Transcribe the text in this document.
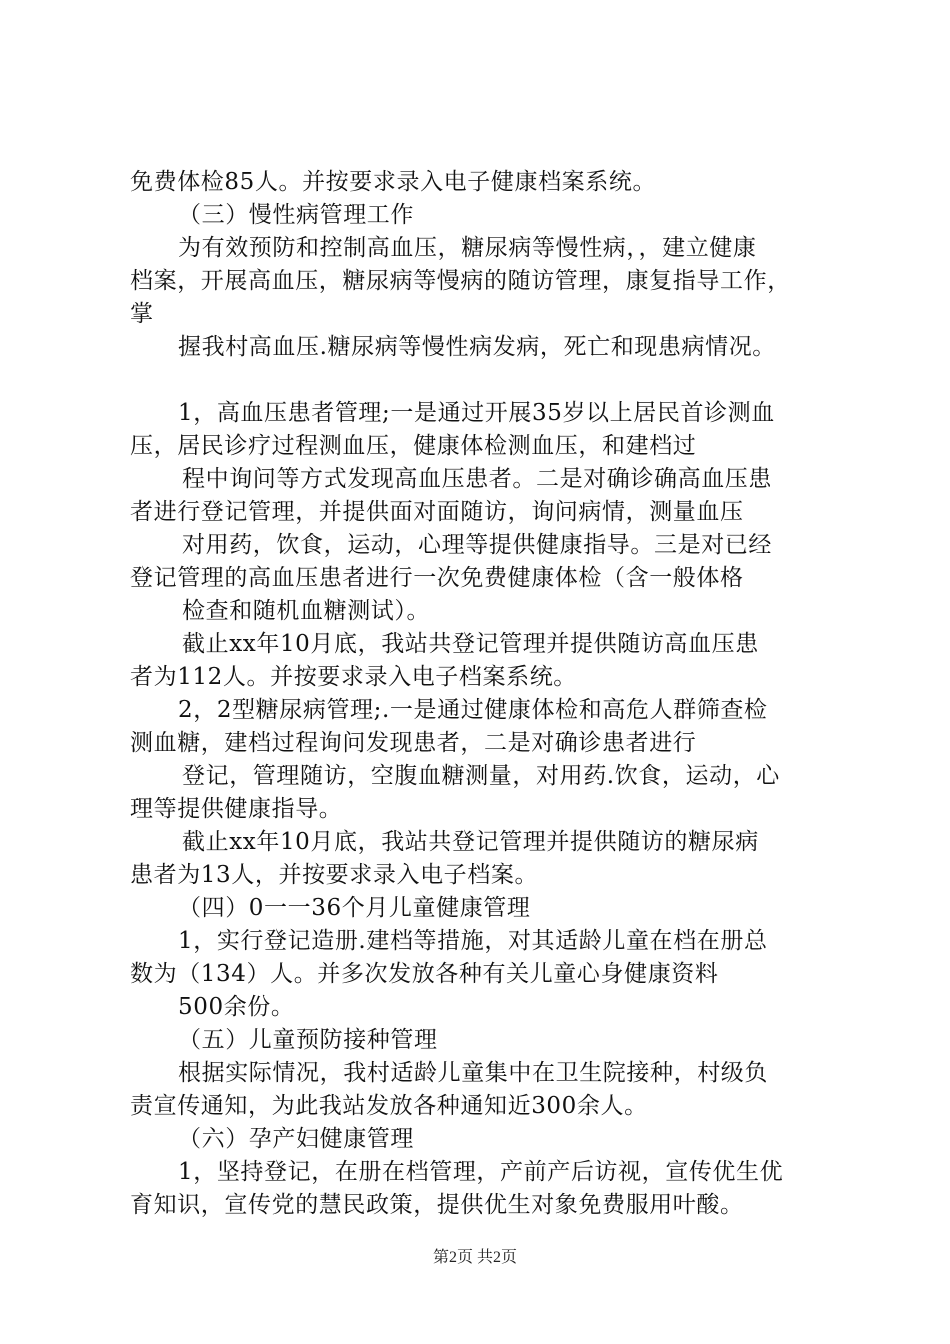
免费体检85人。并按要求录入电子健康档案系统。
（三）慢性病管理工作
为有效预防和控制高血压，糖尿病等慢性病，，建立健康
档案，开展高血压，糖尿病等慢病的随访管理，康复指导工作，
掌
握我村高血压.糖尿病等慢性病发病，死亡和现患病情况。
1，高血压患者管理;一是通过开展35岁以上居民首诊测血
压，居民诊疗过程测血压，健康体检测血压，和建档过
程中询问等方式发现高血压患者。二是对确诊确高血压患
者进行登记管理，并提供面对面随访，询问病情，测量血压
对用药，饮食，运动，心理等提供健康指导。三是对已经
登记管理的高血压患者进行一次免费健康体检（含一般体格
检查和随机血糖测试）。
截止xx年10月底，我站共登记管理并提供随访高血压患
者为112人。并按要求录入电子档案系统。
2，2型糖尿病管理;.一是通过健康体检和高危人群筛查检
测血糖，建档过程询问发现患者，二是对确诊患者进行
登记，管理随访，空腹血糖测量，对用药.饮食，运动，心
理等提供健康指导。
截止xx年10月底，我站共登记管理并提供随访的糖尿病
患者为13人，并按要求录入电子档案。
（四）0一一36个月儿童健康管理
1，实行登记造册.建档等措施，对其适龄儿童在档在册总
数为（134）人。并多次发放各种有关儿童心身健康资料
500余份。
（五）儿童预防接种管理
根据实际情况，我村适龄儿童集中在卫生院接种，村级负
责宣传通知，为此我站发放各种通知近300余人。
（六）孕产妇健康管理
1，坚持登记，在册在档管理，产前产后访视，宣传优生优
育知识，宣传党的慧民政策，提供优生对象免费服用叶酸。
第2页 共2页
